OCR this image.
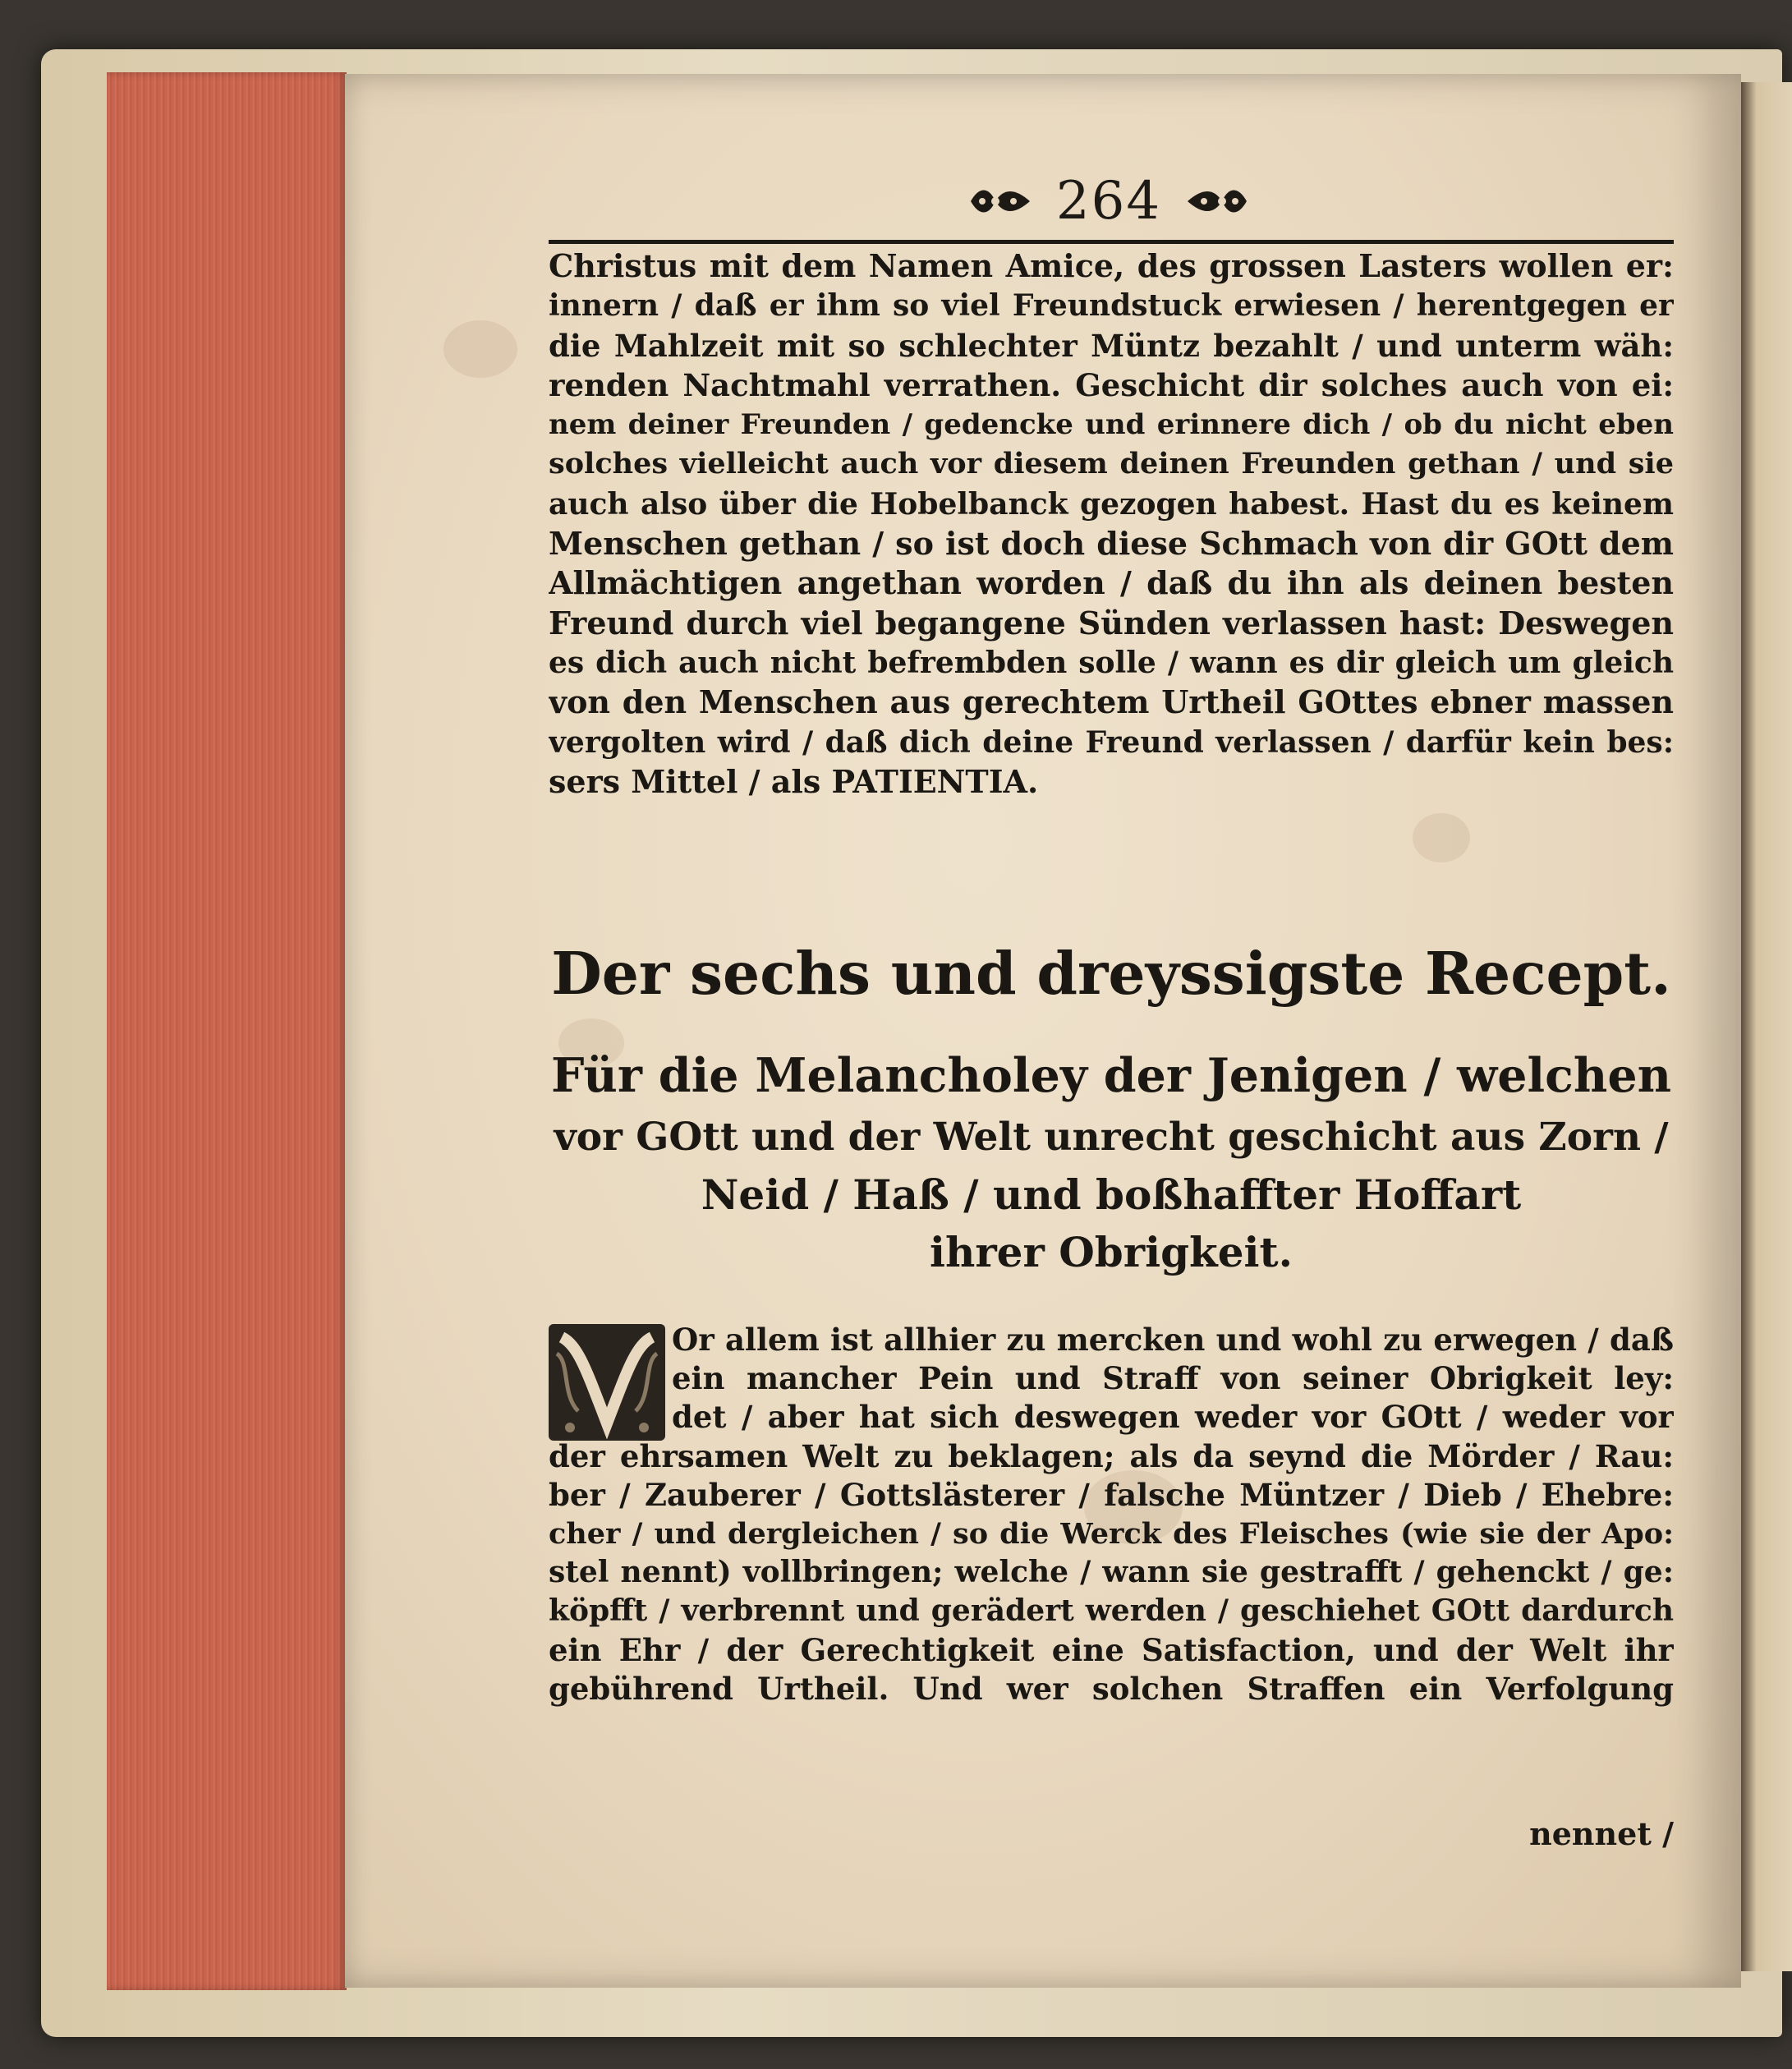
264
Christus mit dem Namen Amice, des grossen Lasters wollen er:
innern / daß er ihm so viel Freundstuck erwiesen / herentgegen er
die Mahlzeit mit so schlechter Müntz bezahlt / und unterm wäh:
renden Nachtmahl verrathen. Geschicht dir solches auch von ei:
nem deiner Freunden / gedencke und erinnere dich / ob du nicht eben
solches vielleicht auch vor diesem deinen Freunden gethan / und sie
auch also über die Hobelbanck gezogen habest. Hast du es keinem
Menschen gethan / so ist doch diese Schmach von dir GOtt dem
Allmächtigen angethan worden / daß du ihn als deinen besten
Freund durch viel begangene Sünden verlassen hast: Deswegen
es dich auch nicht befrembden solle / wann es dir gleich um gleich
von den Menschen aus gerechtem Urtheil GOttes ebner massen
vergolten wird / daß dich deine Freund verlassen / darfür kein bes:
sers Mittel / als PATIENTIA.
Der sechs und dreyssigste Recept.
Für die Melancholey der Jenigen / welchen
vor GOtt und der Welt unrecht geschicht aus Zorn /
Neid / Haß / und boßhaffter Hoffart
ihrer Obrigkeit.
V
Or allem ist allhier zu mercken und wohl zu erwegen / daß
ein mancher Pein und Straff von seiner Obrigkeit ley:
det / aber hat sich deswegen weder vor GOtt / weder vor
der ehrsamen Welt zu beklagen; als da seynd die Mörder / Rau:
ber / Zauberer / Gottslästerer / falsche Müntzer / Dieb / Ehebre:
cher / und dergleichen / so die Werck des Fleisches (wie sie der Apo:
stel nennt) vollbringen; welche / wann sie gestrafft / gehenckt / ge:
köpfft / verbrennt und gerädert werden / geschiehet GOtt dardurch
ein Ehr / der Gerechtigkeit eine Satisfaction, und der Welt ihr
gebührend Urtheil. Und wer solchen Straffen ein Verfolgung
nennet /
